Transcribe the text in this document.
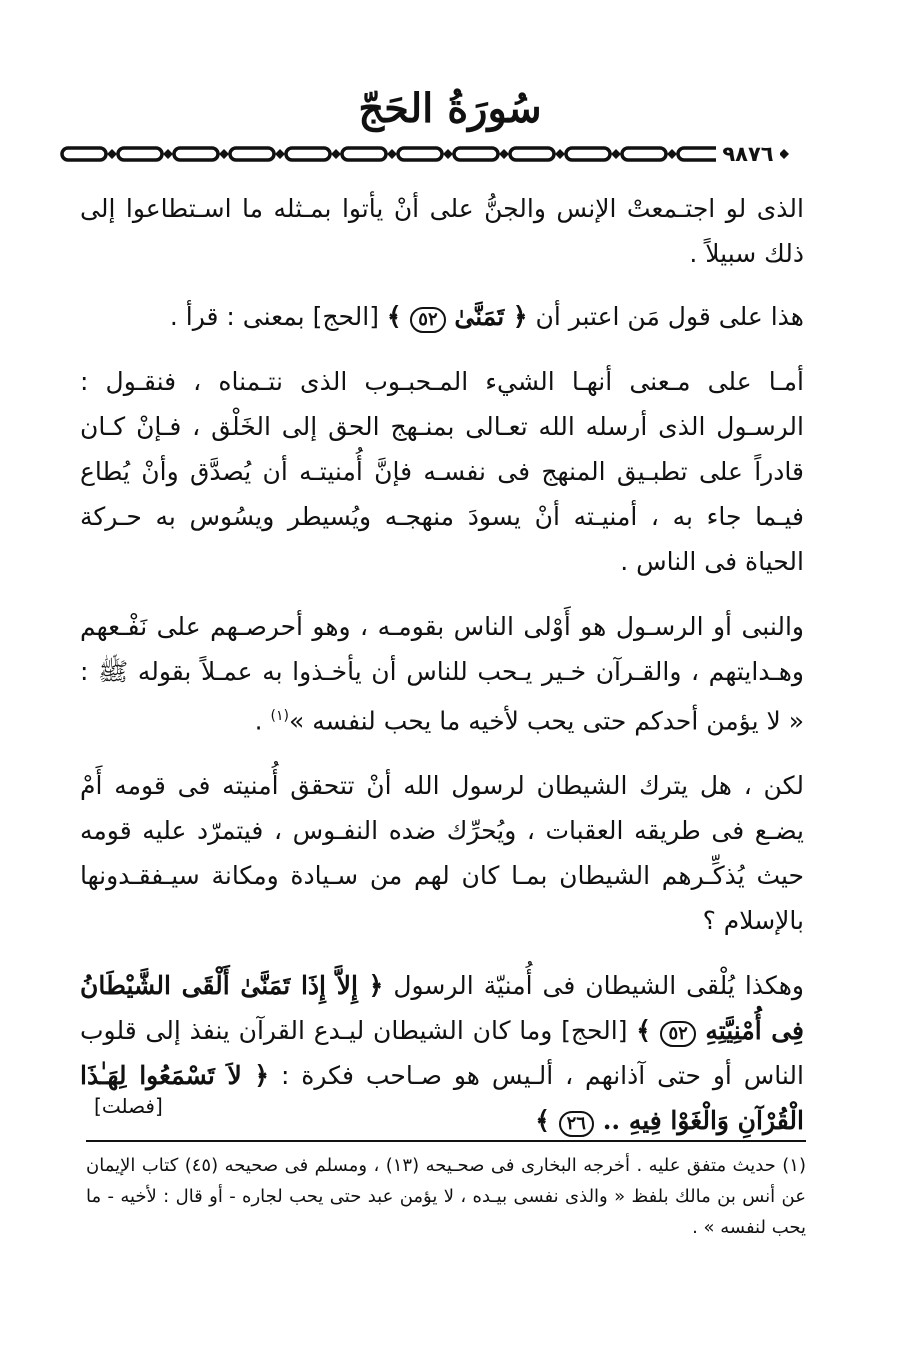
سُورَةُ الحَجّ
٩٨٧٦

الذى لو اجتـمعتْ الإنس والجنُّ على أنْ يأتوا بمـثله ما اسـتطاعوا إلى ذلك سبيلاً .

هذا على قول مَن اعتبر أن ﴿ تَمَنَّىٰ ٥٢ ﴾ [الحج] بمعنى : قرأ .

أمـا على مـعنى أنهـا الشيء المـحبـوب الذى نتـمناه ، فنقـول : الرسـول الذى أرسله الله تعـالى بمنـهج الحق إلى الخَلْق ، فـإنْ كـان قادراً على تطبـيق المنهج فى نفسـه فإنَّ أُمنيتـه أن يُصدَّق وأنْ يُطاع فيـما جاء به ، أمنيـته أنْ يسودَ منهجـه ويُسيطر ويسُوس به حـركة الحياة فى الناس .

والنبى أو الرسـول هو أَوْلى الناس بقومـه ، وهو أحرصـهم على نَفْـعهم وهـدايتهم ، والقـرآن خـير يـحب للناس أن يأخـذوا به عمـلاً بقوله ﷺ : « لا يؤمن أحدكم حتى يحب لأخيه ما يحب لنفسه »$^{(١)}$ .

لكن ، هل يترك الشيطان لرسول الله أنْ تتحقق أُمنيته فى قومه أَمْ يضـع فى طريقه العقبات ، ويُحرِّك ضده النفـوس ، فيتمرّد عليه قومه حيث يُذكِّـرهم الشيطان بمـا كان لهم من سـيادة ومكانة سيـفقـدونها بالإسلام ؟

وهكذا يُلْقى الشيطان فى أُمنيّة الرسول ﴿ إِلاَّ إِذَا تَمَنَّىٰ أَلْقَى الشَّيْطَانُ فِى أُمْنِيَّتِهِ ٥٢ ﴾ [الحج] وما كان الشيطان ليـدع القرآن ينفذ إلى قلوب الناس أو حتى آذانهم ، ألـيس هو صـاحب فكرة : ﴿ لاَ تَسْمَعُوا لِهَـٰذَا الْقُرْآنِ وَالْغَوْا فِيهِ .. ٢٦ ﴾

[فصلت]
(١) حديث متفق عليه . أخرجه البخارى فى صحـيحه (١٣) ، ومسلم فى صحيحه (٤٥) كتاب الإيمان عن أنس بن مالك بلفظ « والذى نفسى بيـده ، لا يؤمن عبد حتى يحب لجاره - أو قال : لأخيه - ما يحب لنفسه » .
